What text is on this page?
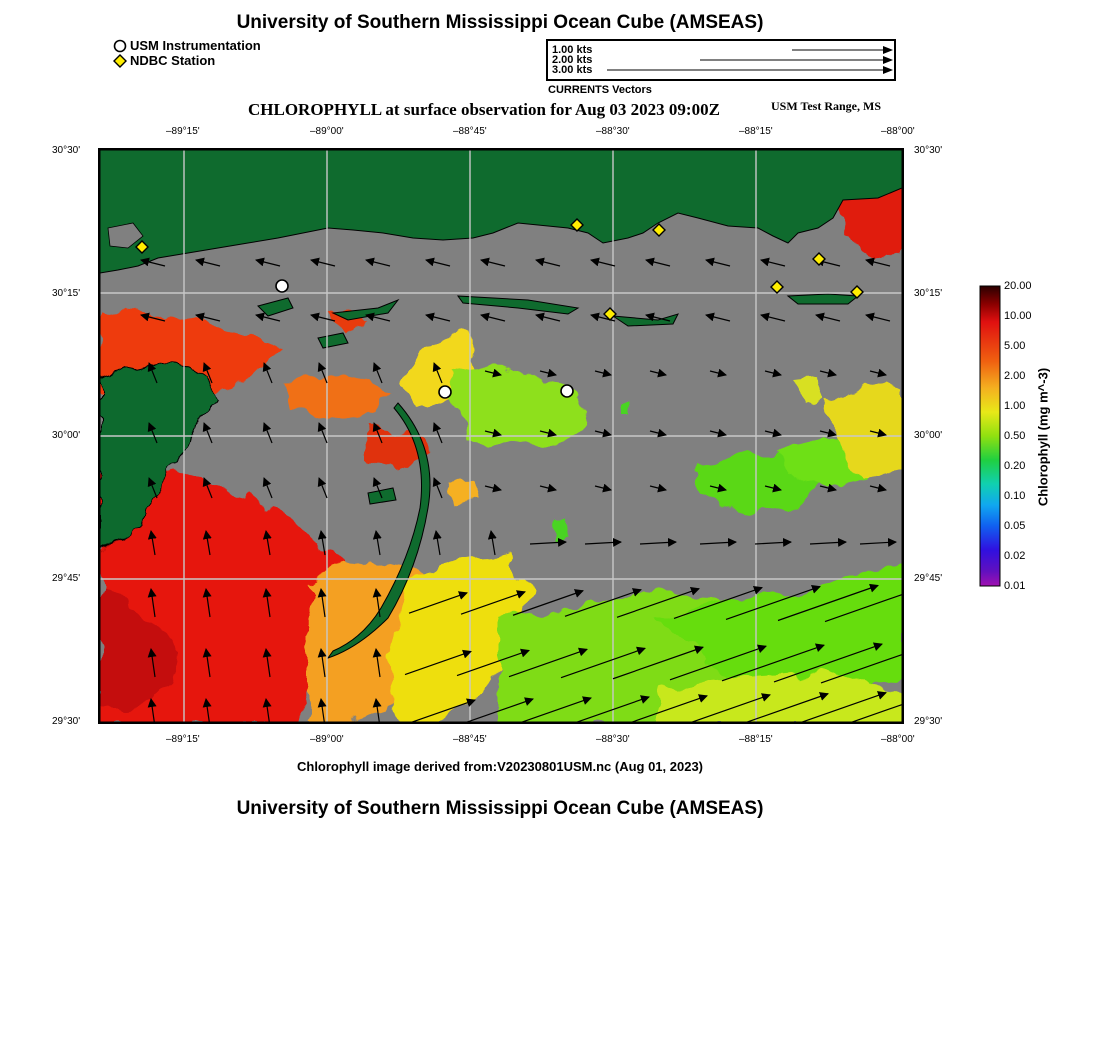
University of Southern Mississippi Ocean Cube (AMSEAS)
USM Instrumentation
NDBC Station
1.00 kts
2.00 kts
3.00 kts
CURRENTS Vectors
CHLOROPHYLL at surface observation for Aug 03 2023 09:00Z	USM Test Range, MS
–89°15'	–89°00'	–88°45'	–88°30'	–88°15'	–88°00'
30°30'
30°15'
30°00'
29°45'
29°30'
30°30'
30°15'
30°00'
29°45'
29°30'
–89°15'	–89°00'	–88°45'	–88°30'	–88°15'	–88°00'
20.00
10.00
5.00
2.00
1.00
0.50
0.20
0.10
0.05
0.02
0.01
Chlorophyll (mg m^-3)
Chlorophyll image derived from:V20230801USM.nc (Aug 01, 2023)
University of Southern Mississippi Ocean Cube (AMSEAS)
